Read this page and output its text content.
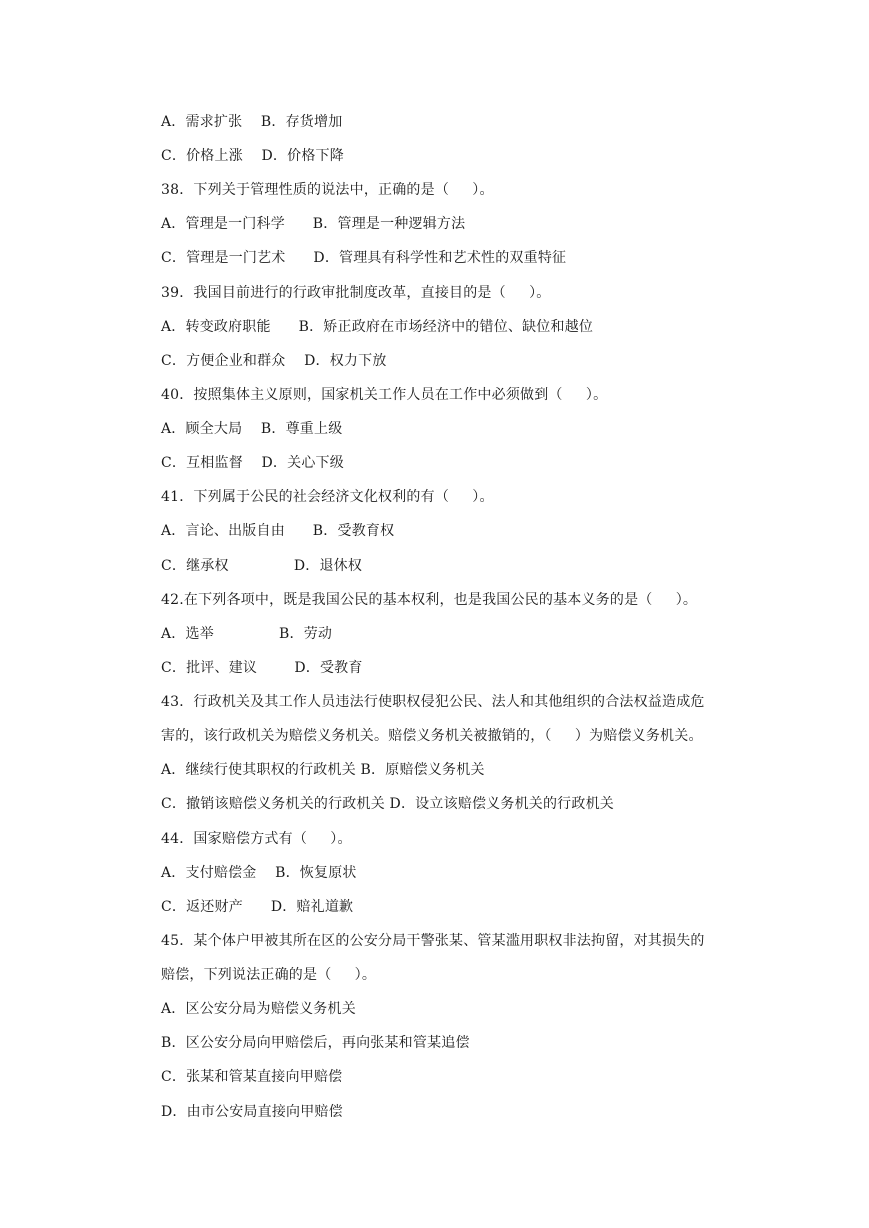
A．需求扩张    B．存货增加
C．价格上涨    D．价格下降
38．下列关于管理性质的说法中，正确的是（     ）。
A．管理是一门科学      B．管理是一种逻辑方法
C．管理是一门艺术      D．管理具有科学性和艺术性的双重特征
39．我国目前进行的行政审批制度改革，直接目的是（     ）。
A．转变政府职能      B．矫正政府在市场经济中的错位、缺位和越位
C．方便企业和群众    D．权力下放
40．按照集体主义原则，国家机关工作人员在工作中必须做到（     ）。
A．顾全大局    B．尊重上级
C．互相监督    D．关心下级
41．下列属于公民的社会经济文化权利的有（     ）。
A．言论、出版自由      B．受教育权
C．继承权              D．退休权
42.在下列各项中，既是我国公民的基本权利，也是我国公民的基本义务的是（     ）。
A．选举              B．劳动
C．批评、建议        D．受教育
43．行政机关及其工作人员违法行使职权侵犯公民、法人和其他组织的合法权益造成危
害的，该行政机关为赔偿义务机关。赔偿义务机关被撤销的，（     ）为赔偿义务机关。
A．继续行使其职权的行政机关 B．原赔偿义务机关
C．撤销该赔偿义务机关的行政机关 D．设立该赔偿义务机关的行政机关
44．国家赔偿方式有（     ）。
A．支付赔偿金    B．恢复原状
C．返还财产      D．赔礼道歉
45．某个体户甲被其所在区的公安分局干警张某、管某滥用职权非法拘留，对其损失的
赔偿，下列说法正确的是（     ）。
A．区公安分局为赔偿义务机关
B．区公安分局向甲赔偿后，再向张某和管某追偿
C．张某和管某直接向甲赔偿
D．由市公安局直接向甲赔偿
